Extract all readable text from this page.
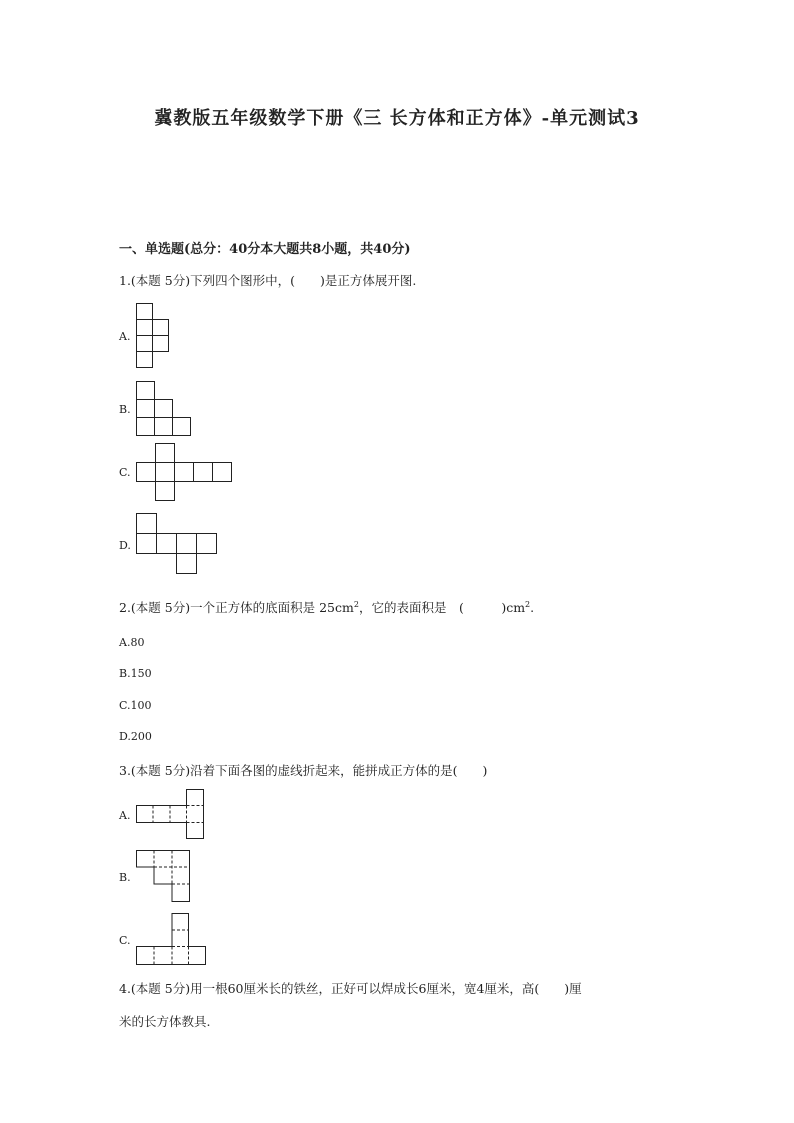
冀教版五年级数学下册《三 长方体和正方体》-单元测试3
一、单选题(总分：40分本大题共8小题，共40分)
1.(本题 5分)下列四个图形中，(　　)是正方体展开图.
A.
B.
C.
D.
2.(本题 5分)一个正方体的底面积是 $25cm^2$，它的表面积是　(　　　)$cm^2$.
A.80
B.150
C.100
D.200
3.(本题 5分)沿着下面各图的虚线折起来，能拼成正方体的是(　　)
A.
B.
C.
4.(本题 5分)用一根60厘米长的铁丝，正好可以焊成长6厘米，宽4厘米，高(　　)厘
米的长方体教具.
